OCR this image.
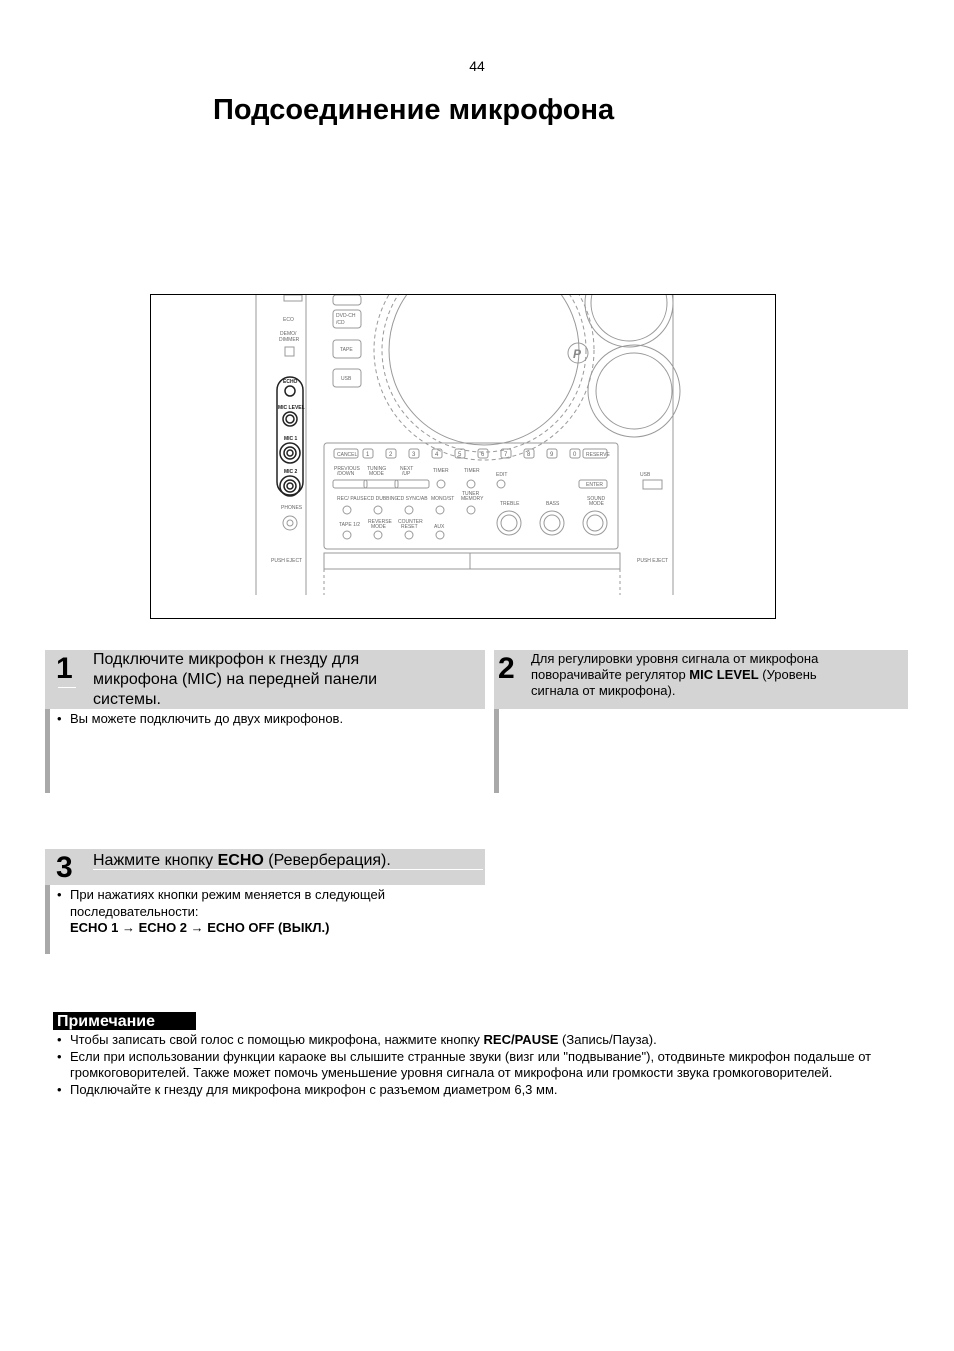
44
Подсоединение микрофона
ECO
DEMO/
DIMMER
DVD-CH
/CD
TAPE
USB
CANCEL	RESERVE
ENTER
USB
PREVIOUS
/DOWN
TUNING
MODE
NEXT
/UP	TIMER	TIMER
EDIT
REC/ PAUSE CD DUBBING
CD SYNC/AB MONO/ST
TUNER
MEMORY
TAPE 1/2 REVERSE
MODE
COUNTER
RESET	AUX
TREBLE	BASS
SOUND
MODE
PHONES
PUSH EJECT	PUSH EJECT
ECHO
MIC LEVEL
MIC 1
MIC 2
P
1	2	3	4	5	6	7	8	9	0
1 Подключите микрофон к гнезду для микрофона (MIC) на передней панели системы.
• Вы можете подключить до двух микрофонов.
2 Для регулировки уровня сигнала от микрофона поворачивайте регулятор MIC LEVEL (Уровень сигнала от микрофона).
3 Нажмите кнопку ECHO (Реверберация).
• При нажатиях кнопки режим меняется в следующей последовательности:
ECHO 1 → ECHO 2 → ECHO OFF (ВЫКЛ.)
Примечание
• Чтобы записать свой голос с помощью микрофона, нажмите кнопку REC/PAUSE (Запись/Пауза).
• Если при использовании функции караоке вы слышите странные звуки (визг или "подвывание"), отодвиньте микрофон подальше от громкоговорителей. Также может помочь уменьшение уровня сигнала от микрофона или громкости звука громкоговорителей.
• Подключайте к гнезду для микрофона микрофон с разъемом диаметром 6,3 мм.
